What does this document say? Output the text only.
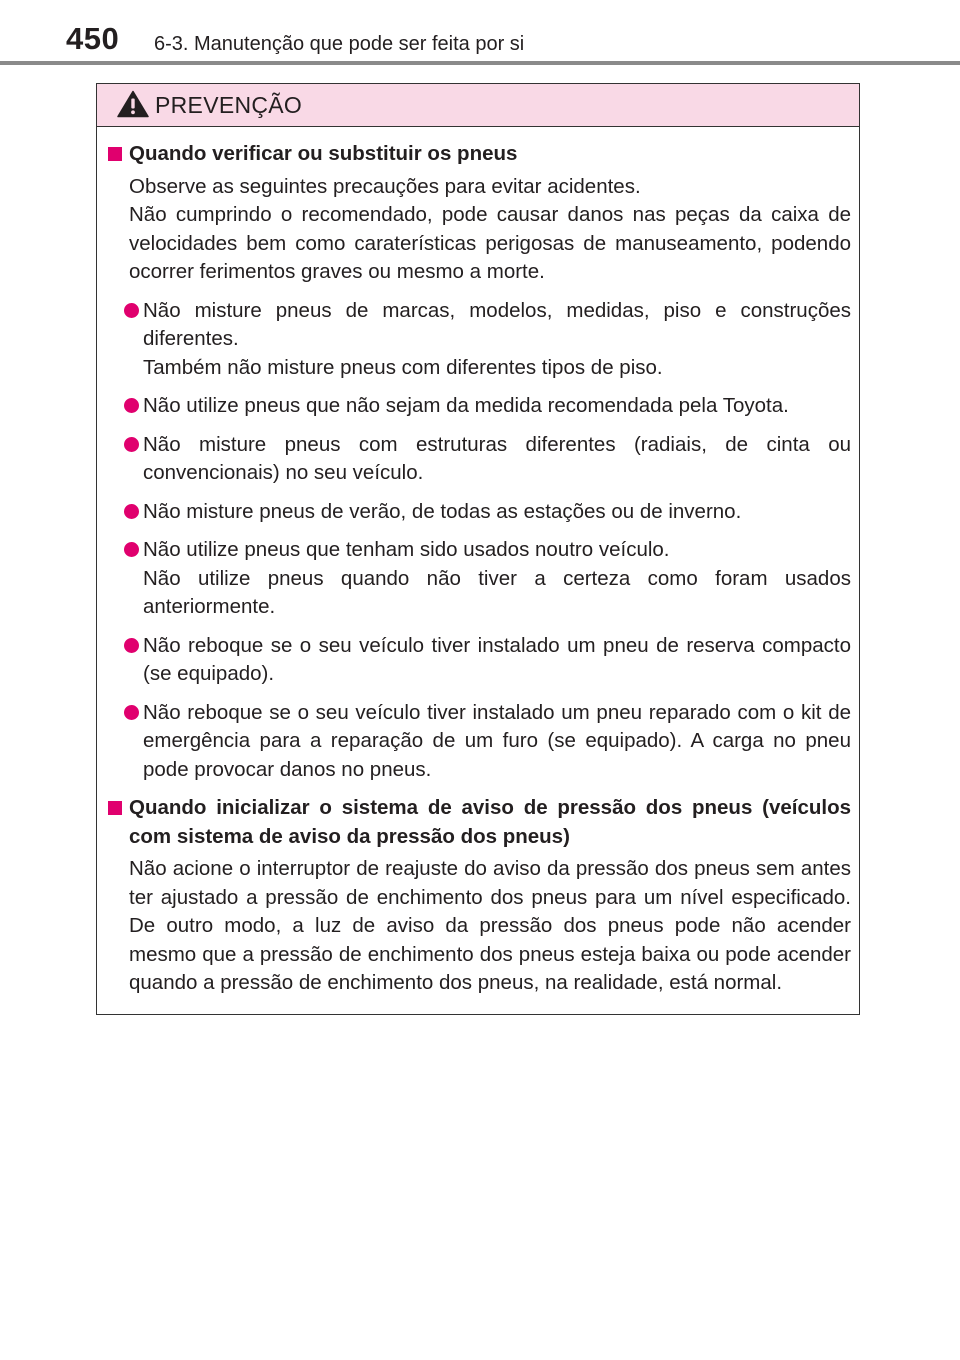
450 6-3. Manutenção que pode ser feita por si
PREVENÇÃO
Quando verificar ou substituir os pneus

Observe as seguintes precauções para evitar acidentes.

Não cumprindo o recomendado, pode causar danos nas peças da caixa de velocidades bem como caraterísticas perigosas de manuseamento, podendo ocorrer ferimentos graves ou mesmo a morte.

Não misture pneus de marcas, modelos, medidas, piso e construções diferentes.

Também não misture pneus com diferentes tipos de piso.

Não utilize pneus que não sejam da medida recomendada pela Toyota.

Não misture pneus com estruturas diferentes (radiais, de cinta ou convencionais) no seu veículo.

Não misture pneus de verão, de todas as estações ou de inverno.

Não utilize pneus que tenham sido usados noutro veículo.

Não utilize pneus quando não tiver a certeza como foram usados anteriormente.

Não reboque se o seu veículo tiver instalado um pneu de reserva compacto (se equipado).

Não reboque se o seu veículo tiver instalado um pneu reparado com o kit de emergência para a reparação de um furo (se equipado). A carga no pneu pode provocar danos no pneus.

Quando inicializar o sistema de aviso de pressão dos pneus (veículos com sistema de aviso da pressão dos pneus)

Não acione o interruptor de reajuste do aviso da pressão dos pneus sem antes ter ajustado a pressão de enchimento dos pneus para um nível especificado. De outro modo, a luz de aviso da pressão dos pneus pode não acender mesmo que a pressão de enchimento dos pneus esteja baixa ou pode acender quando a pressão de enchimento dos pneus, na realidade, está normal.
